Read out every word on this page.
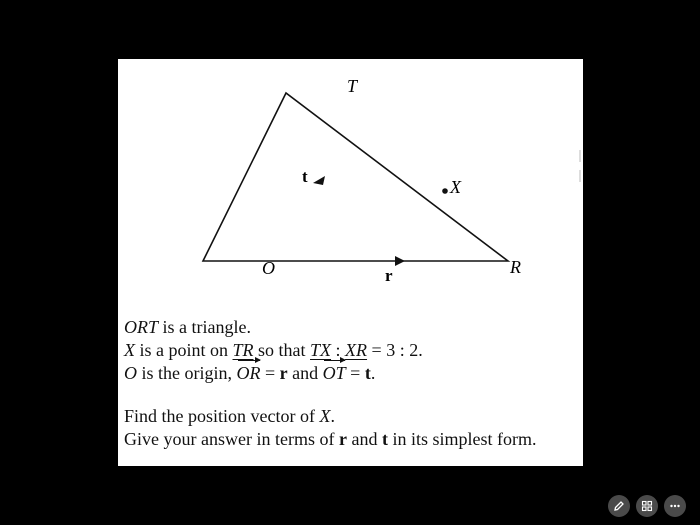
T
O	R
X
t
r
ORT is a triangle.
X is a point on TR so that TX : XR = 3 : 2.
O is the origin, OR = r and OT = t.
Find the position vector of X.
Give your answer in terms of r and t in its simplest form.
